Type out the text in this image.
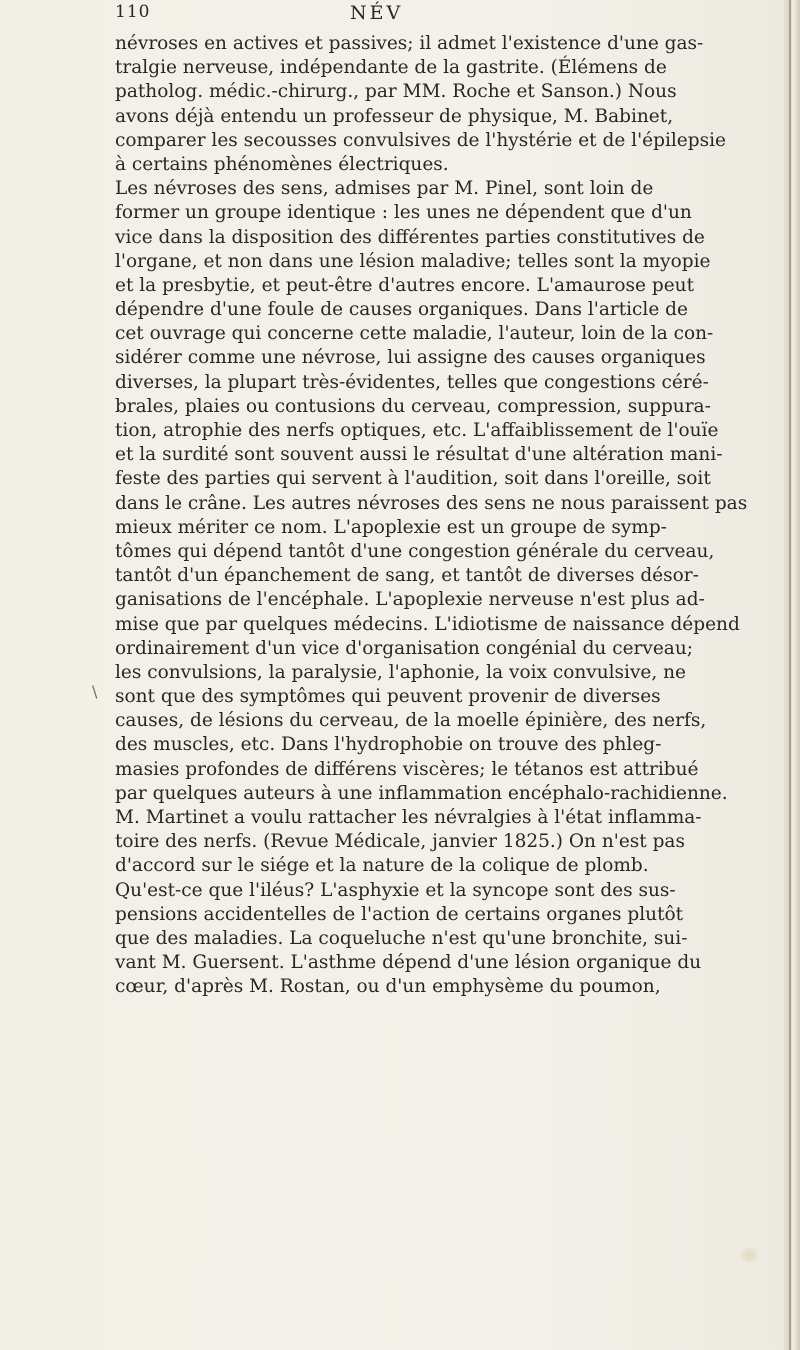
110	NÉV
\
névroses en actives et passives; il admet l'existence d'une gas-
tralgie nerveuse, indépendante de la gastrite. (Élémens de
patholog. médic.-chirurg., par MM. Roche et Sanson.) Nous
avons déjà entendu un professeur de physique, M. Babinet,
comparer les secousses convulsives de l'hystérie et de l'épilepsie
à certains phénomènes électriques.
Les névroses des sens, admises par M. Pinel, sont loin de
former un groupe identique : les unes ne dépendent que d'un
vice dans la disposition des différentes parties constitutives de
l'organe, et non dans une lésion maladive; telles sont la myopie
et la presbytie, et peut-être d'autres encore. L'amaurose peut
dépendre d'une foule de causes organiques. Dans l'article de
cet ouvrage qui concerne cette maladie, l'auteur, loin de la con-
sidérer comme une névrose, lui assigne des causes organiques
diverses, la plupart très-évidentes, telles que congestions céré-
brales, plaies ou contusions du cerveau, compression, suppura-
tion, atrophie des nerfs optiques, etc. L'affaiblissement de l'ouïe
et la surdité sont souvent aussi le résultat d'une altération mani-
feste des parties qui servent à l'audition, soit dans l'oreille, soit
dans le crâne. Les autres névroses des sens ne nous paraissent pas
mieux mériter ce nom. L'apoplexie est un groupe de symp-
tômes qui dépend tantôt d'une congestion générale du cerveau,
tantôt d'un épanchement de sang, et tantôt de diverses désor-
ganisations de l'encéphale. L'apoplexie nerveuse n'est plus ad-
mise que par quelques médecins. L'idiotisme de naissance dépend
ordinairement d'un vice d'organisation congénial du cerveau;
les convulsions, la paralysie, l'aphonie, la voix convulsive, ne
sont que des symptômes qui peuvent provenir de diverses
causes, de lésions du cerveau, de la moelle épinière, des nerfs,
des muscles, etc. Dans l'hydrophobie on trouve des phleg-
masies profondes de différens viscères; le tétanos est attribué
par quelques auteurs à une inflammation encéphalo-rachidienne.
M. Martinet a voulu rattacher les névralgies à l'état inflamma-
toire des nerfs. (Revue Médicale, janvier 1825.) On n'est pas
d'accord sur le siége et la nature de la colique de plomb.
Qu'est-ce que l'iléus? L'asphyxie et la syncope sont des sus-
pensions accidentelles de l'action de certains organes plutôt
que des maladies. La coqueluche n'est qu'une bronchite, sui-
vant M. Guersent. L'asthme dépend d'une lésion organique du
cœur, d'après M. Rostan, ou d'un emphysème du poumon,
